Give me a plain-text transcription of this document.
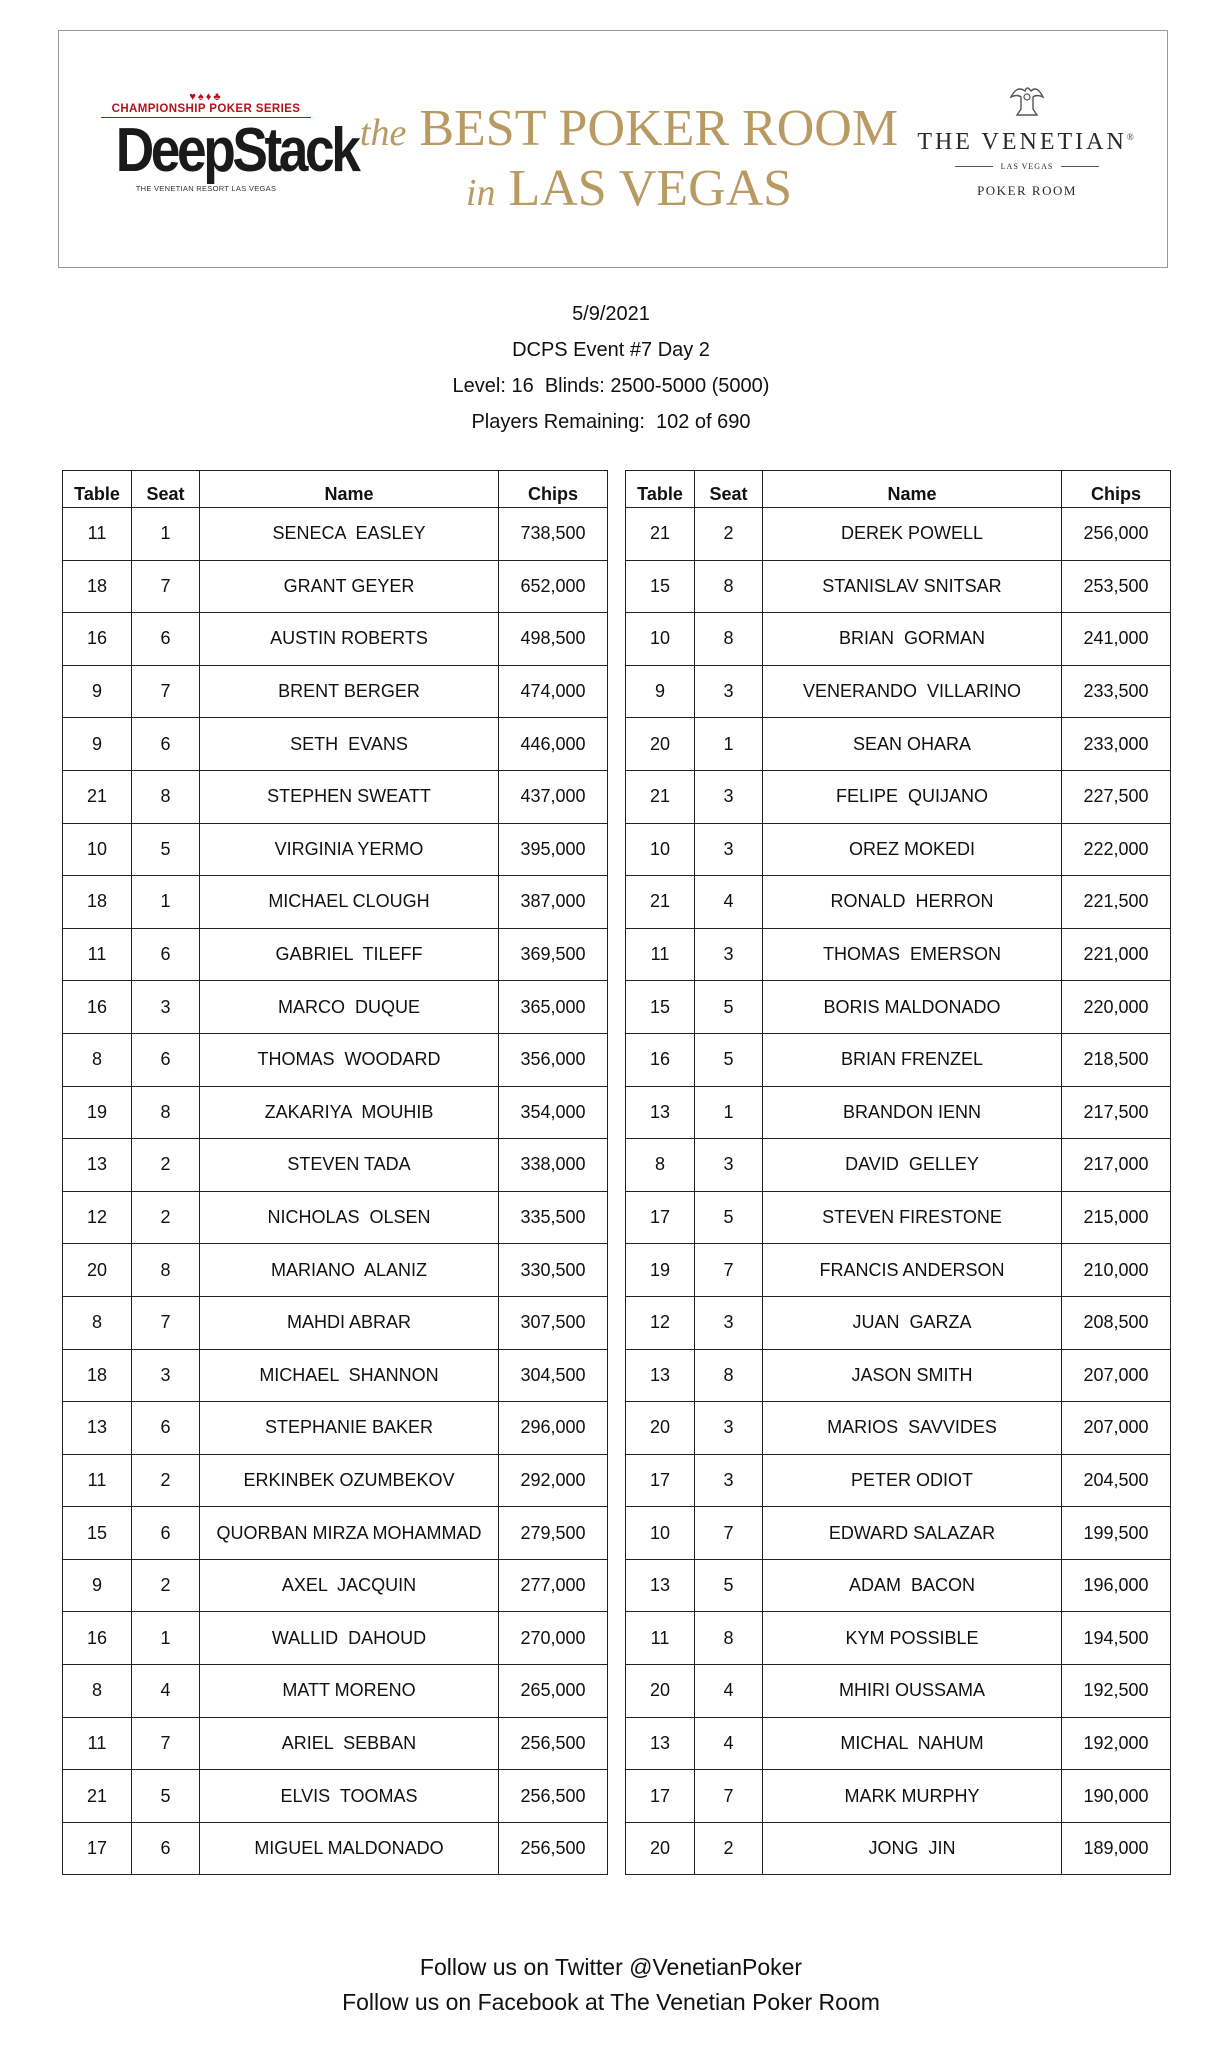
♥♠♦♣
CHAMPIONSHIP POKER SERIES
DeepStack
THE VENETIAN RESORT LAS VEGAS
the BEST POKER ROOM
in LAS VEGAS
THE VENETIAN®
LAS VEGAS
POKER ROOM
5/9/2021
DCPS Event #7 Day 2
Level: 16  Blinds: 2500-5000 (5000)
Players Remaining:  102 of 690
Table	Seat	Name	Chips
11	1	SENECA  EASLEY	738,500
18	7	GRANT GEYER	652,000
16	6	AUSTIN ROBERTS	498,500
9	7	BRENT BERGER	474,000
9	6	SETH  EVANS	446,000
21	8	STEPHEN SWEATT	437,000
10	5	VIRGINIA YERMO	395,000
18	1	MICHAEL CLOUGH	387,000
11	6	GABRIEL  TILEFF	369,500
16	3	MARCO  DUQUE	365,000
8	6	THOMAS  WOODARD	356,000
19	8	ZAKARIYA  MOUHIB	354,000
13	2	STEVEN TADA	338,000
12	2	NICHOLAS  OLSEN	335,500
20	8	MARIANO  ALANIZ	330,500
8	7	MAHDI ABRAR	307,500
18	3	MICHAEL  SHANNON	304,500
13	6	STEPHANIE BAKER	296,000
11	2	ERKINBEK OZUMBEKOV	292,000
15	6	QUORBAN MIRZA MOHAMMAD	279,500
9	2	AXEL  JACQUIN	277,000
16	1	WALLID  DAHOUD	270,000
8	4	MATT MORENO	265,000
11	7	ARIEL  SEBBAN	256,500
21	5	ELVIS  TOOMAS	256,500
17	6	MIGUEL MALDONADO	256,500
Table	Seat	Name	Chips
21	2	DEREK POWELL	256,000
15	8	STANISLAV SNITSAR	253,500
10	8	BRIAN  GORMAN	241,000
9	3	VENERANDO  VILLARINO	233,500
20	1	SEAN OHARA	233,000
21	3	FELIPE  QUIJANO	227,500
10	3	OREZ MOKEDI	222,000
21	4	RONALD  HERRON	221,500
11	3	THOMAS  EMERSON	221,000
15	5	BORIS MALDONADO	220,000
16	5	BRIAN FRENZEL	218,500
13	1	BRANDON IENN	217,500
8	3	DAVID  GELLEY	217,000
17	5	STEVEN FIRESTONE	215,000
19	7	FRANCIS ANDERSON	210,000
12	3	JUAN  GARZA	208,500
13	8	JASON SMITH	207,000
20	3	MARIOS  SAVVIDES	207,000
17	3	PETER ODIOT	204,500
10	7	EDWARD SALAZAR	199,500
13	5	ADAM  BACON	196,000
11	8	KYM POSSIBLE	194,500
20	4	MHIRI OUSSAMA	192,500
13	4	MICHAL  NAHUM	192,000
17	7	MARK MURPHY	190,000
20	2	JONG  JIN	189,000
Follow us on Twitter @VenetianPoker
Follow us on Facebook at The Venetian Poker Room
